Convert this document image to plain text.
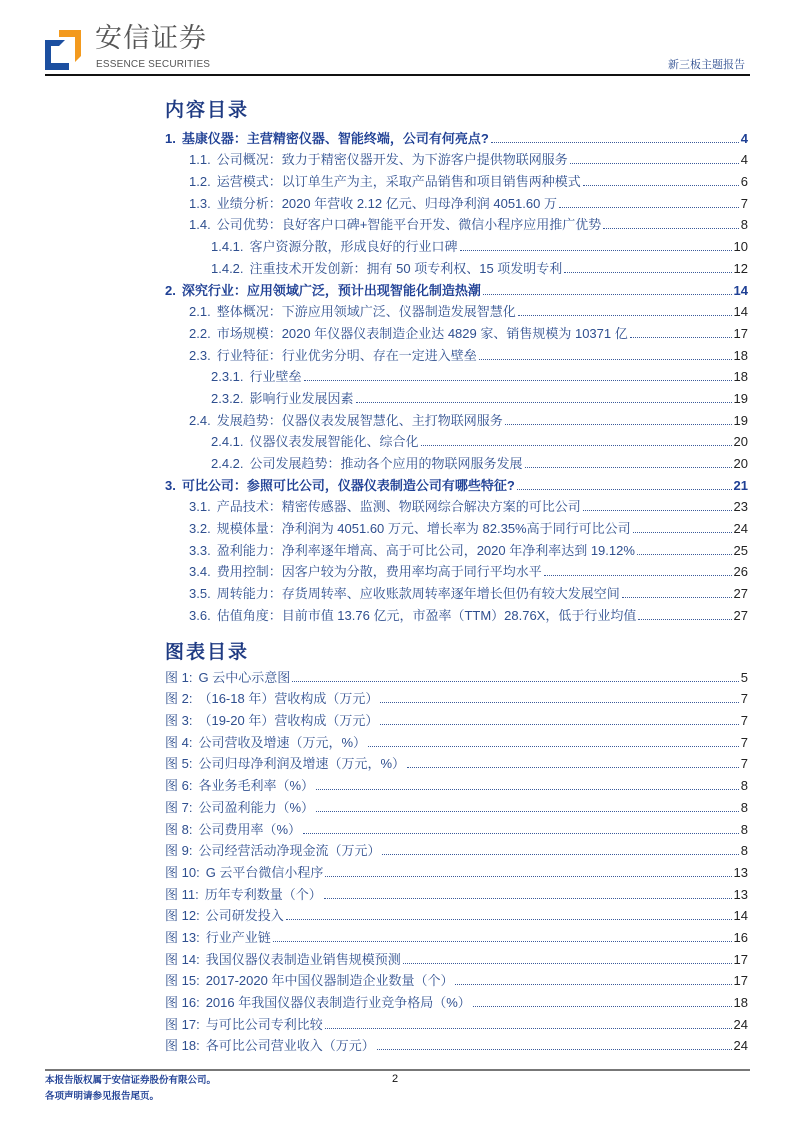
安信证券
ESSENCE SECURITIES	新三板主题报告
内容目录
1. 基康仪器：主营精密仪器、智能终端，公司有何亮点?	4
1.1. 公司概况：致力于精密仪器开发、为下游客户提供物联网服务	4
1.2. 运营模式：以订单生产为主，采取产品销售和项目销售两种模式	6
1.3. 业绩分析：2020 年营收 2.12 亿元、归母净利润 4051.60 万	7
1.4. 公司优势：良好客户口碑+智能平台开发、微信小程序应用推广优势	8
1.4.1. 客户资源分散，形成良好的行业口碑	10
1.4.2. 注重技术开发创新：拥有 50 项专利权、15 项发明专利	12
2. 深究行业：应用领域广泛，预计出现智能化制造热潮	14
2.1. 整体概况：下游应用领域广泛、仪器制造发展智慧化	14
2.2. 市场规模：2020 年仪器仪表制造企业达 4829 家、销售规模为 10371 亿	17
2.3. 行业特征：行业优劣分明、存在一定进入壁垒	18
2.3.1. 行业壁垒	18
2.3.2. 影响行业发展因素	19
2.4. 发展趋势：仪器仪表发展智慧化、主打物联网服务	19
2.4.1. 仪器仪表发展智能化、综合化	20
2.4.2. 公司发展趋势：推动各个应用的物联网服务发展	20
3. 可比公司：参照可比公司，仪器仪表制造公司有哪些特征?	21
3.1. 产品技术：精密传感器、监测、物联网综合解决方案的可比公司	23
3.2. 规模体量：净利润为 4051.60 万元、增长率为 82.35%高于同行可比公司	24
3.3. 盈利能力：净利率逐年增高、高于可比公司，2020 年净利率达到 19.12%	25
3.4. 费用控制：因客户较为分散，费用率均高于同行平均水平	26
3.5. 周转能力：存货周转率、应收账款周转率逐年增长但仍有较大发展空间	27
3.6. 估值角度：目前市值 13.76 亿元，市盈率（TTM）28.76X，低于行业均值	27
图表目录
图 1: G 云中心示意图	5
图 2: （16-18 年）营收构成（万元）	7
图 3: （19-20 年）营收构成（万元）	7
图 4: 公司营收及增速（万元，%）	7
图 5: 公司归母净利润及增速（万元，%）	7
图 6: 各业务毛利率（%）	8
图 7: 公司盈利能力（%）	8
图 8: 公司费用率（%）	8
图 9: 公司经营活动净现金流（万元）	8
图 10: G 云平台微信小程序	13
图 11: 历年专利数量（个）	13
图 12: 公司研发投入	14
图 13: 行业产业链	16
图 14: 我国仪器仪表制造业销售规模预测	17
图 15: 2017-2020 年中国仪器制造企业数量（个）	17
图 16: 2016 年我国仪器仪表制造行业竞争格局（%）	18
图 17: 与可比公司专利比较	24
图 18: 各可比公司营业收入（万元）	24
本报告版权属于安信证券股份有限公司。
各项声明请参见报告尾页。
2
